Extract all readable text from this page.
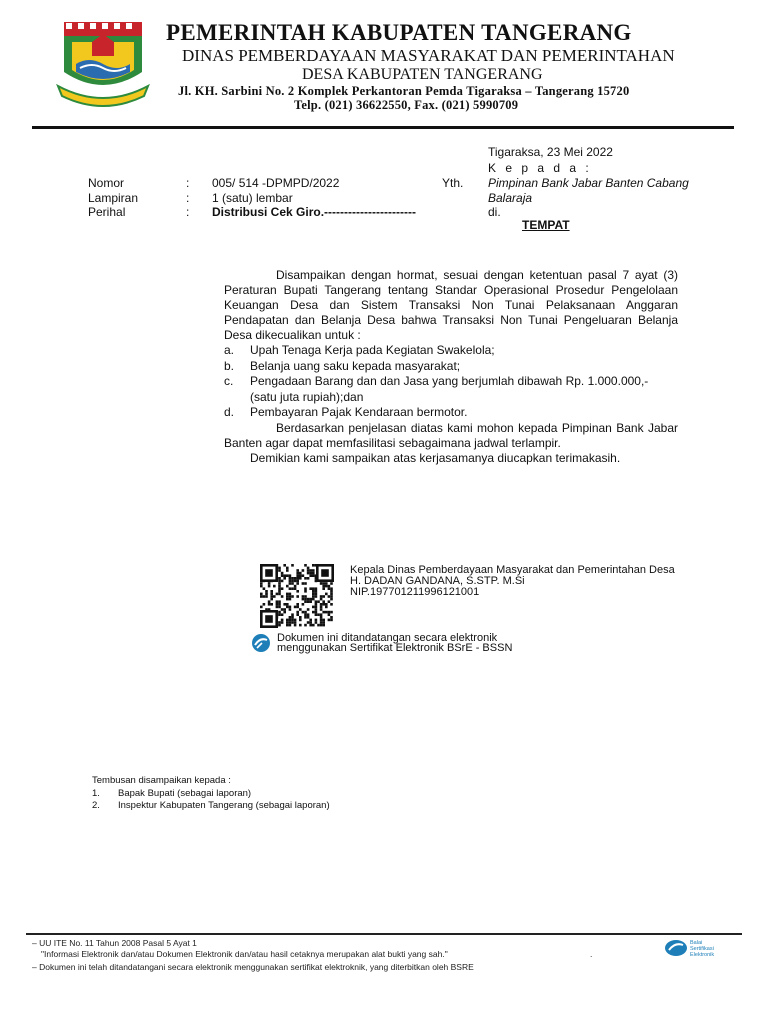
PEMERINTAH KABUPATEN TANGERANG
DINAS PEMBERDAYAAN MASYARAKAT DAN PEMERINTAHAN
DESA KABUPATEN TANGERANG
Jl. KH. Sarbini No. 2 Komplek Perkantoran Pemda Tigaraksa – Tangerang 15720
Telp. (021) 36622550, Fax. (021) 5990709
Tigaraksa, 23 Mei 2022
K e p a d a :
Yth. Pimpinan Bank Jabar Banten Cabang
Balaraja
di.
TEMPAT
Nomor	: 005/ 514 -DPMPD/2022
Lampiran	: 1 (satu) lembar
Perihal	: Distribusi Cek Giro.-----------------------
Disampaikan dengan hormat, sesuai dengan ketentuan pasal 7 ayat (3)
Peraturan Bupati Tangerang tentang Standar Operasional Prosedur Pengelolaan
Keuangan Desa dan Sistem Transaksi Non Tunai Pelaksanaan Anggaran
Pendapatan dan Belanja Desa bahwa Transaksi Non Tunai Pengeluaran Belanja
Desa dikecualikan untuk :
a. Upah Tenaga Kerja pada Kegiatan Swakelola;
b. Belanja uang saku kepada masyarakat;
c. Pengadaan Barang dan dan Jasa yang berjumlah dibawah Rp. 1.000.000,-
(satu juta rupiah);dan
d. Pembayaran Pajak Kendaraan bermotor.
Berdasarkan penjelasan diatas kami mohon kepada Pimpinan Bank Jabar
Banten agar dapat memfasilitasi sebagaimana jadwal terlampir.
Demikian kami sampaikan atas kerjasamanya diucapkan terimakasih.
Kepala Dinas Pemberdayaan Masyarakat dan Pemerintahan Desa
H. DADAN GANDANA, S.STP. M.Si
NIP.197701211996121001
Dokumen ini ditandatangan secara elektronik
menggunakan Sertifikat Elektronik BSrE - BSSN
Tembusan disampaikan kepada :
1. Bapak Bupati (sebagai laporan)
2. Inspektur Kabupaten Tangerang (sebagai laporan)
– UU ITE No. 11 Tahun 2008 Pasal 5 Ayat 1
"Informasi Elektronik dan/atau Dokumen Elektronik dan/atau hasil cetaknya merupakan alat bukti yang sah."	.
– Dokumen ini telah ditandatangani secara elektronik menggunakan sertifikat elektroknik, yang diterbitkan oleh BSRE
Balai
Sertifikasi
Elektronik
